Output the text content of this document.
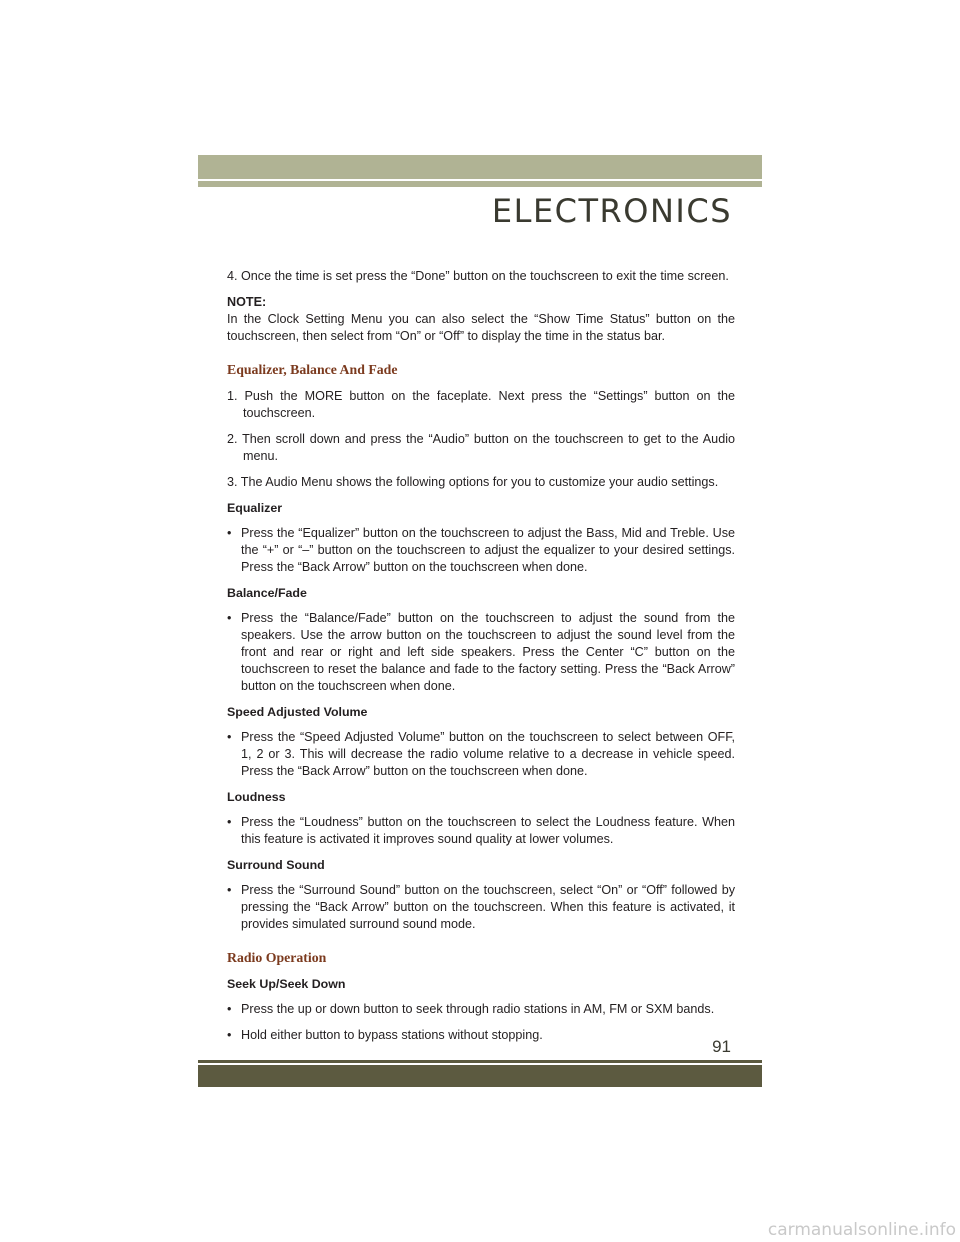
ELECTRONICS

4. Once the time is set press the “Done” button on the touchscreen to exit the time screen.

NOTE:
In the Clock Setting Menu you can also select the “Show Time Status” button on the touchscreen, then select from “On” or “Off” to display the time in the status bar.

Equalizer, Balance And Fade

1. Push the MORE button on the faceplate. Next press the “Settings” button on the touchscreen.

2. Then scroll down and press the “Audio” button on the touchscreen to get to the Audio menu.

3. The Audio Menu shows the following options for you to customize your audio settings.

Equalizer

• Press the “Equalizer” button on the touchscreen to adjust the Bass, Mid and Treble. Use the “+” or “–” button on the touchscreen to adjust the equalizer to your desired settings. Press the “Back Arrow” button on the touchscreen when done.

Balance/Fade

• Press the “Balance/Fade” button on the touchscreen to adjust the sound from the speakers. Use the arrow button on the touchscreen to adjust the sound level from the front and rear or right and left side speakers. Press the Center “C” button on the touchscreen to reset the balance and fade to the factory setting. Press the “Back Arrow” button on the touchscreen when done.

Speed Adjusted Volume

• Press the “Speed Adjusted Volume” button on the touchscreen to select between OFF, 1, 2 or 3. This will decrease the radio volume relative to a decrease in vehicle speed. Press the “Back Arrow” button on the touchscreen when done.

Loudness

• Press the “Loudness” button on the touchscreen to select the Loudness feature. When this feature is activated it improves sound quality at lower volumes.

Surround Sound

• Press the “Surround Sound” button on the touchscreen, select “On” or “Off” followed by pressing the “Back Arrow” button on the touchscreen. When this feature is activated, it provides simulated surround sound mode.

Radio Operation
Seek Up/Seek Down

• Press the up or down button to seek through radio stations in AM, FM or SXM bands.

• Hold either button to bypass stations without stopping.

91
carmanualsonline.info
